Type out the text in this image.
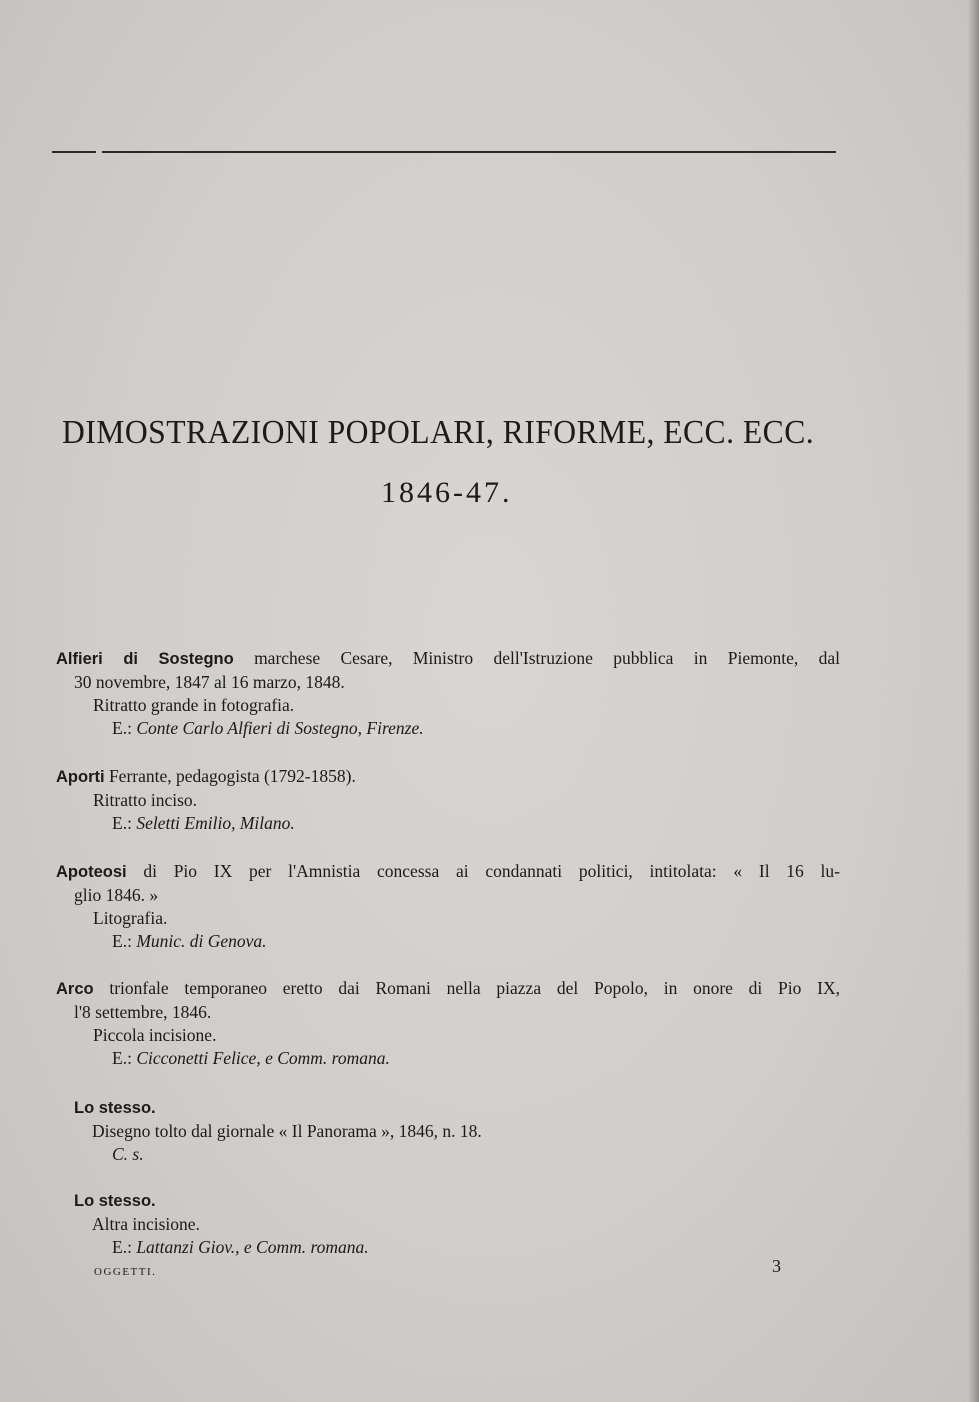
DIMOSTRAZIONI POPOLARI, RIFORME, ECC. ECC.
1846-47.
Alfieri di Sostegno marchese Cesare, Ministro dell'Istruzione pubblica in Piemonte, dal
30 novembre, 1847 al 16 marzo, 1848.
Ritratto grande in fotografia.
E.: Conte Carlo Alfieri di Sostegno, Firenze.
Aporti Ferrante, pedagogista (1792-1858).
Ritratto inciso.
E.: Seletti Emilio, Milano.
Apoteosi di Pio IX per l'Amnistia concessa ai condannati politici, intitolata: « Il 16 lu-
glio 1846. »
Litografia.
E.: Munic. di Genova.
Arco trionfale temporaneo eretto dai Romani nella piazza del Popolo, in onore di Pio IX,
l'8 settembre, 1846.
Piccola incisione.
E.: Cicconetti Felice, e Comm. romana.
Lo stesso.
Disegno tolto dal giornale « Il Panorama », 1846, n. 18.
C. s.
Lo stesso.
Altra incisione.
E.: Lattanzi Giov., e Comm. romana.
OGGETTI.	3
